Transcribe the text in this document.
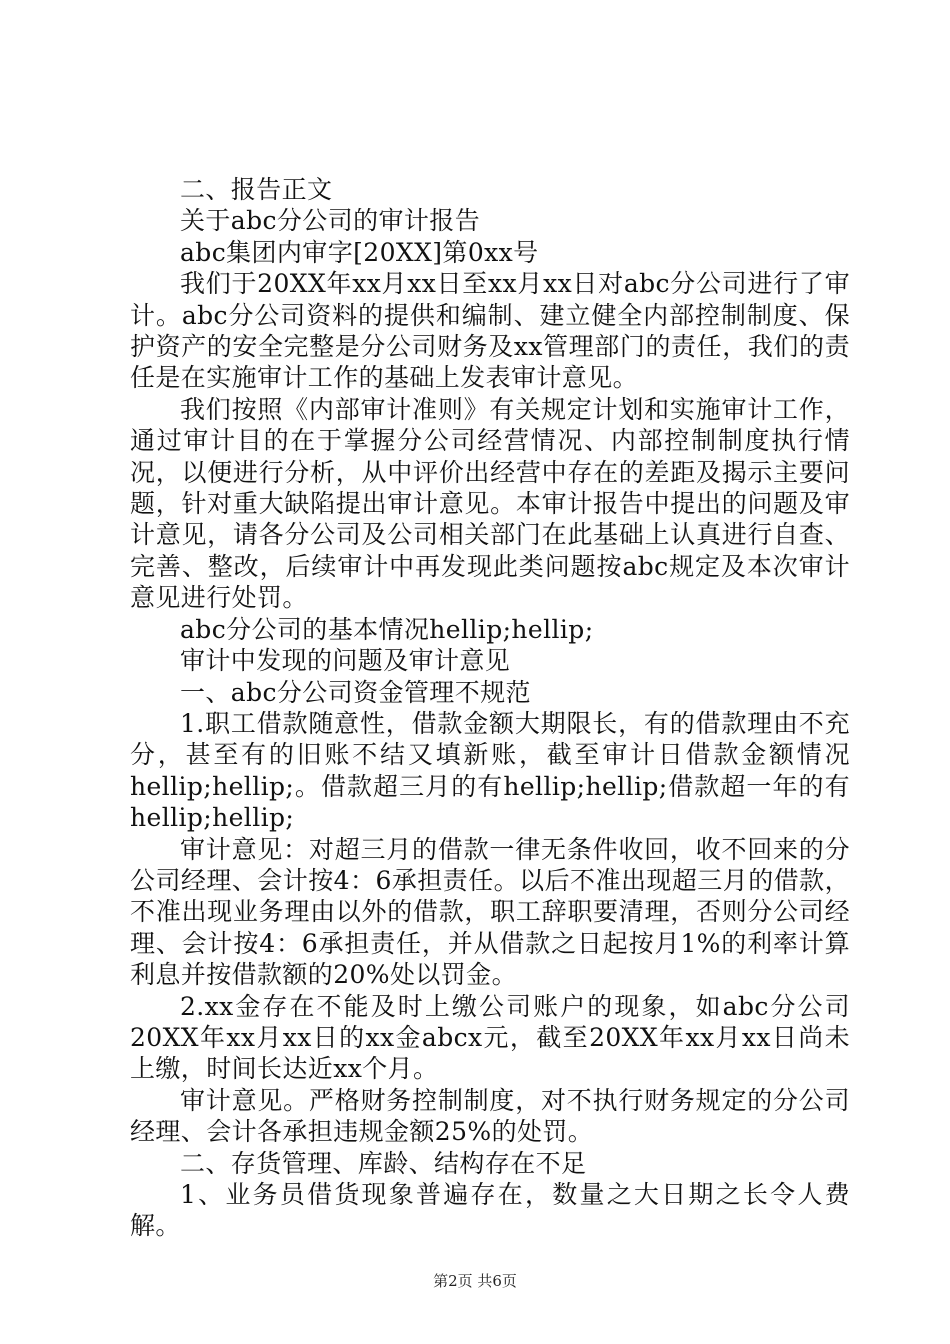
二、报告正文

关于abc分公司的审计报告

abc集团内审字[20XX]第0xx号

我们于20XX年xx月xx日至xx月xx日对abc分公司进行了审计。abc分公司资料的提供和编制、建立健全内部控制制度、保护资产的安全完整是分公司财务及xx管理部门的责任，我们的责任是在实施审计工作的基础上发表审计意见。

我们按照《内部审计准则》有关规定计划和实施审计工作，通过审计目的在于掌握分公司经营情况、内部控制制度执行情况，以便进行分析，从中评价出经营中存在的差距及揭示主要问题，针对重大缺陷提出审计意见。本审计报告中提出的问题及审计意见，请各分公司及公司相关部门在此基础上认真进行自查、完善、整改，后续审计中再发现此类问题按abc规定及本次审计意见进行处罚。

abc分公司的基本情况hellip;hellip;

审计中发现的问题及审计意见

一、abc分公司资金管理不规范

1.职工借款随意性，借款金额大期限长，有的借款理由不充分，甚至有的旧账不结又填新账，截至审计日借款金额情况hellip;hellip;。借款超三月的有hellip;hellip;借款超一年的有hellip;hellip;

审计意见：对超三月的借款一律无条件收回，收不回来的分公司经理、会计按4：6承担责任。以后不准出现超三月的借款，不准出现业务理由以外的借款，职工辞职要清理，否则分公司经理、会计按4：6承担责任，并从借款之日起按月1%的利率计算利息并按借款额的20%处以罚金。

2.xx金存在不能及时上缴公司账户的现象，如abc分公司20XX年xx月xx日的xx金abcx元，截至20XX年xx月xx日尚未上缴，时间长达近xx个月。

审计意见。严格财务控制制度，对不执行财务规定的分公司经理、会计各承担违规金额25%的处罚。

二、存货管理、库龄、结构存在不足

1、业务员借货现象普遍存在，数量之大日期之长令人费解。

第2页 共6页
